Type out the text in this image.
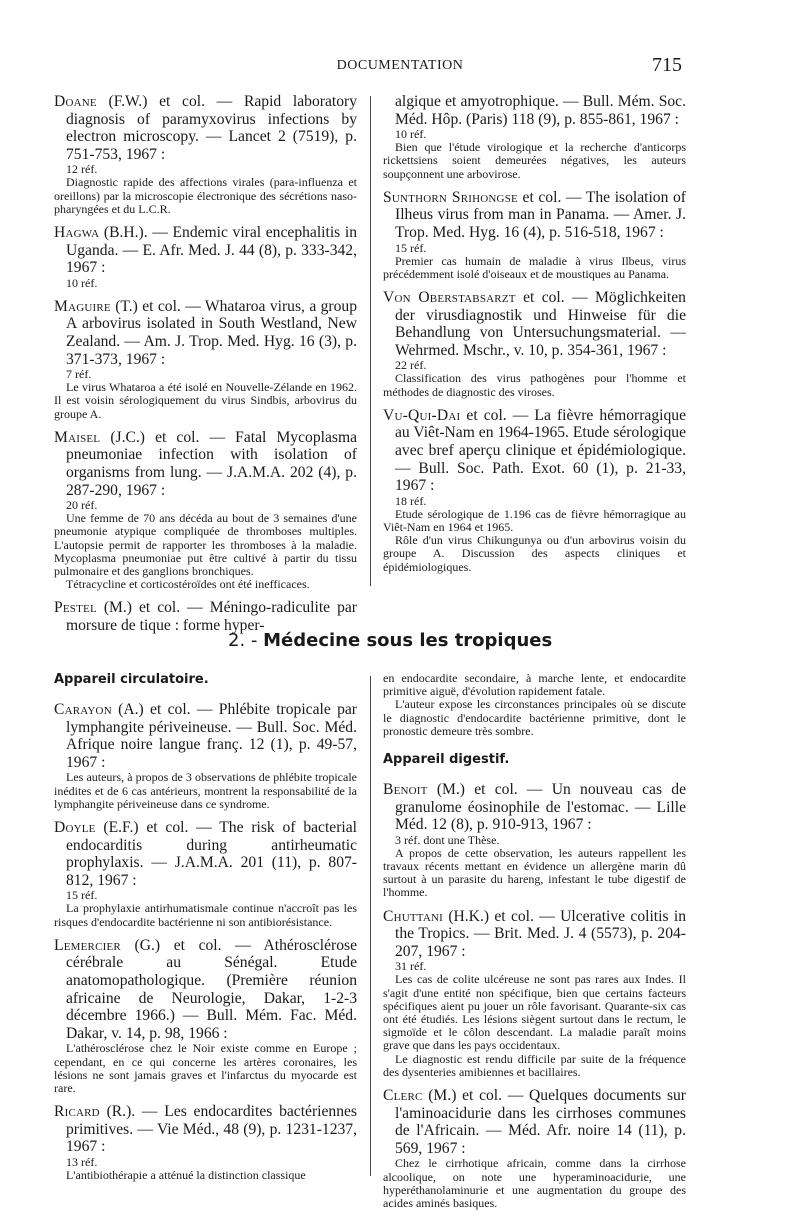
DOCUMENTATION	715

Doane (F.W.) et col. — Rapid laboratory diagnosis of paramyxovirus infections by electron microscopy. — Lancet 2 (7519), p. 751-753, 1967 :

12 réf.

Diagnostic rapide des affections virales (para-influenza et oreillons) par la microscopie électronique des sécrétions naso-pharyngées et du L.C.R.

Hagwa (B.H.). — Endemic viral encephalitis in Uganda. — E. Afr. Med. J. 44 (8), p. 333-342, 1967 :

10 réf.

Maguire (T.) et col. — Whataroa virus, a group A arbovirus isolated in South Westland, New Zealand. — Am. J. Trop. Med. Hyg. 16 (3), p. 371-373, 1967 :

7 réf.

Le virus Whataroa a été isolé en Nouvelle-Zélande en 1962. Il est voisin sérologiquement du virus Sindbis, arbovirus du groupe A.

Maisel (J.C.) et col. — Fatal Mycoplasma pneumoniae infection with isolation of organisms from lung. — J.A.M.A. 202 (4), p. 287-290, 1967 :

20 réf.

Une femme de 70 ans décéda au bout de 3 semaines d'une pneumonie atypique compliquée de thromboses multiples. L'autopsie permit de rapporter les thromboses à la maladie. Mycoplasma pneumoniae put être cultivé à partir du tissu pulmonaire et des ganglions bronchiques.

Tétracycline et corticostéroïdes ont été inefficaces.

Pestel (M.) et col. — Méningo-radiculite par morsure de tique : forme hyper-

algique et amyotrophique. — Bull. Mém. Soc. Méd. Hôp. (Paris) 118 (9), p. 855-861, 1967 :

10 réf.

Bien que l'étude virologique et la recherche d'anticorps rickettsiens soient demeurées négatives, les auteurs soupçonnent une arbovirose.

Sunthorn Srihongse et col. — The isolation of Ilheus virus from man in Panama. — Amer. J. Trop. Med. Hyg. 16 (4), p. 516-518, 1967 :

15 réf.

Premier cas humain de maladie à virus Ilbeus, virus précédemment isolé d'oiseaux et de moustiques au Panama.

Von Oberstabsarzt et col. — Möglichkeiten der virusdiagnostik und Hinweise für die Behandlung von Untersuchungsmaterial. — Wehrmed. Mschr., v. 10, p. 354-361, 1967 :

22 réf.

Classification des virus pathogènes pour l'homme et méthodes de diagnostic des viroses.

Vu-Qui-Dai et col. — La fièvre hémorragique au Viêt-Nam en 1964-1965. Etude sérologique avec bref aperçu clinique et épidémiologique. — Bull. Soc. Path. Exot. 60 (1), p. 21-33, 1967 :

18 réf.

Etude sérologique de 1.196 cas de fièvre hémorragique au Viêt-Nam en 1964 et 1965.

Rôle d'un virus Chikungunya ou d'un arbovirus voisin du groupe A. Discussion des aspects cliniques et épidémiologiques.

2. - Médecine sous les tropiques
Appareil circulatoire.

Carayon (A.) et col. — Phlébite tropicale par lymphangite périveineuse. — Bull. Soc. Méd. Afrique noire langue franç. 12 (1), p. 49-57, 1967 :

Les auteurs, à propos de 3 observations de phlébite tropicale inédites et de 6 cas antérieurs, montrent la responsabilité de la lymphangite périveineuse dans ce syndrome.

Doyle (E.F.) et col. — The risk of bacterial endocarditis during antirheumatic prophylaxis. — J.A.M.A. 201 (11), p. 807-812, 1967 :

15 réf.

La prophylaxie antirhumatismale continue n'accroît pas les risques d'endocardite bactérienne ni son antibiorésistance.

Lemercier (G.) et col. — Athérosclérose cérébrale au Sénégal. Etude anatomopathologique. (Première réunion africaine de Neurologie, Dakar, 1-2-3 décembre 1966.) — Bull. Mém. Fac. Méd. Dakar, v. 14, p. 98, 1966 :

L'athérosclérose chez le Noir existe comme en Europe ; cependant, en ce qui concerne les artères coronaires, les lésions ne sont jamais graves et l'infarctus du myocarde est rare.

Ricard (R.). — Les endocardites bactériennes primitives. — Vie Méd., 48 (9), p. 1231-1237, 1967 :

13 réf.

L'antibiothérapie a atténué la distinction classique

en endocardite secondaire, à marche lente, et endocardite primitive aiguë, d'évolution rapidement fatale.

L'auteur expose les circonstances principales où se discute le diagnostic d'endocardite bactérienne primitive, dont le pronostic demeure très sombre.

Appareil digestif.

Benoit (M.) et col. — Un nouveau cas de granulome éosinophile de l'estomac. — Lille Méd. 12 (8), p. 910-913, 1967 :

3 réf. dont une Thèse.

A propos de cette observation, les auteurs rappellent les travaux récents mettant en évidence un allergène marin dû surtout à un parasite du hareng, infestant le tube digestif de l'homme.

Chuttani (H.K.) et col. — Ulcerative colitis in the Tropics. — Brit. Med. J. 4 (5573), p. 204-207, 1967 :

31 réf.

Les cas de colite ulcéreuse ne sont pas rares aux Indes. Il s'agit d'une entité non spécifique, bien que certains facteurs spécifiques aient pu jouer un rôle favorisant. Quarante-six cas ont été étudiés. Les lésions siègent surtout dans le rectum, le sigmoïde et le côlon descendant. La maladie paraît moins grave que dans les pays occidentaux.

Le diagnostic est rendu difficile par suite de la fréquence des dysenteries amibiennes et bacillaires.

Clerc (M.) et col. — Quelques documents sur l'aminoacidurie dans les cirrhoses communes de l'Africain. — Méd. Afr. noire 14 (11), p. 569, 1967 :

Chez le cirrhotique africain, comme dans la cirrhose alcoolique, on note une hyperaminoacidurie, une hyperéthanolaminurie et une augmentation du groupe des acides aminés basiques.
